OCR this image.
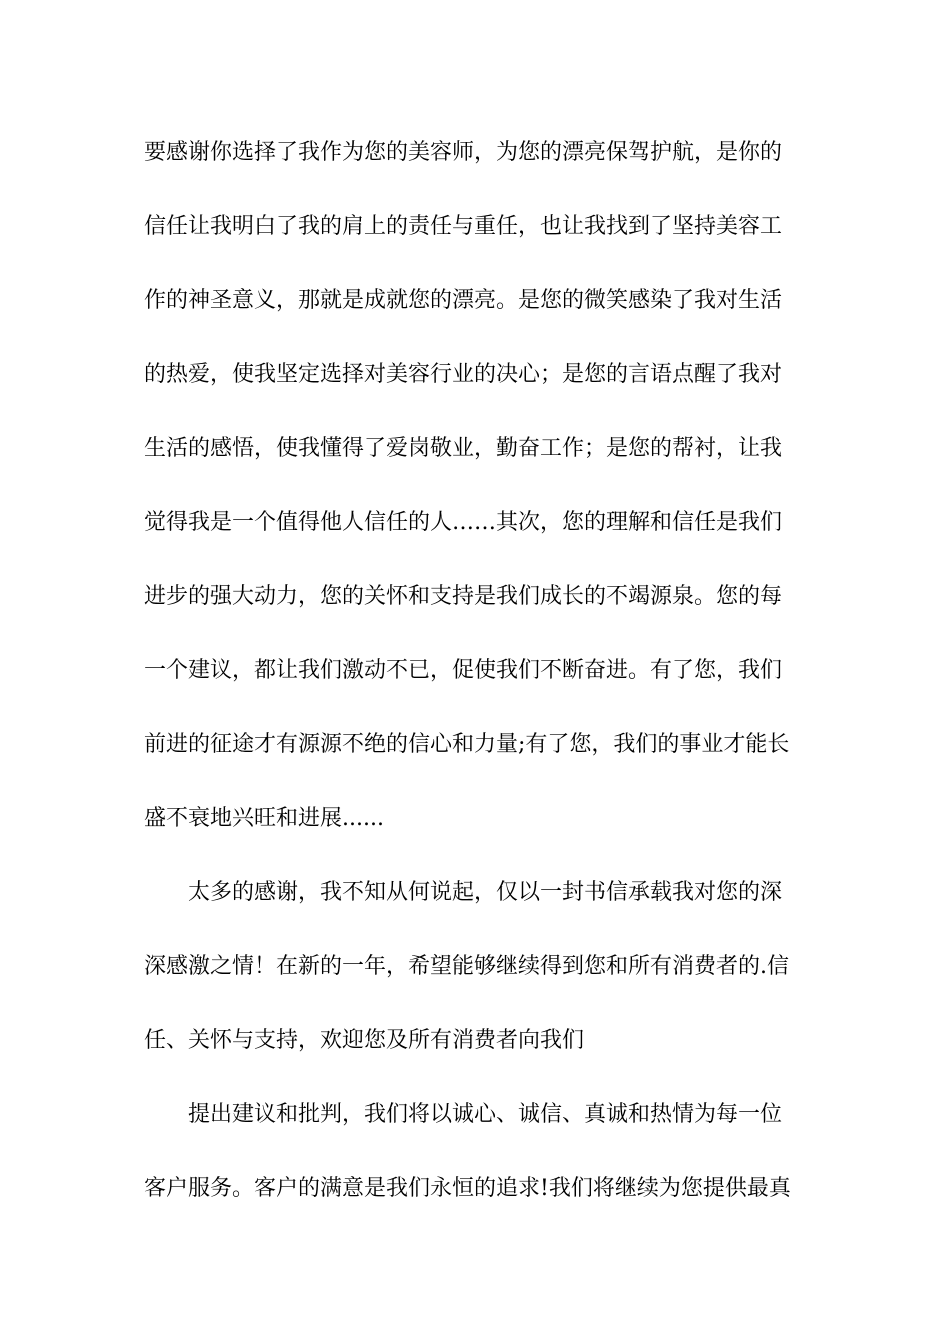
要感谢你选择了我作为您的美容师，为您的漂亮保驾护航，是你的
信任让我明白了我的肩上的责任与重任，也让我找到了坚持美容工
作的神圣意义，那就是成就您的漂亮。是您的微笑感染了我对生活
的热爱，使我坚定选择对美容行业的决心；是您的言语点醒了我对
生活的感悟，使我懂得了爱岗敬业，勤奋工作；是您的帮衬，让我
觉得我是一个值得他人信任的人……其次，您的理解和信任是我们
进步的强大动力，您的关怀和支持是我们成长的不竭源泉。您的每
一个建议，都让我们激动不已，促使我们不断奋进。有了您，我们
前进的征途才有源源不绝的信心和力量;有了您，我们的事业才能长
盛不衰地兴旺和进展......
太多的感谢，我不知从何说起，仅以一封书信承载我对您的深
深感激之情！在新的一年，希望能够继续得到您和所有消费者的.信
任、关怀与支持，欢迎您及所有消费者向我们
提出建议和批判，我们将以诚心、诚信、真诚和热情为每一位
客户服务。客户的满意是我们永恒的追求!我们将继续为您提供最真
